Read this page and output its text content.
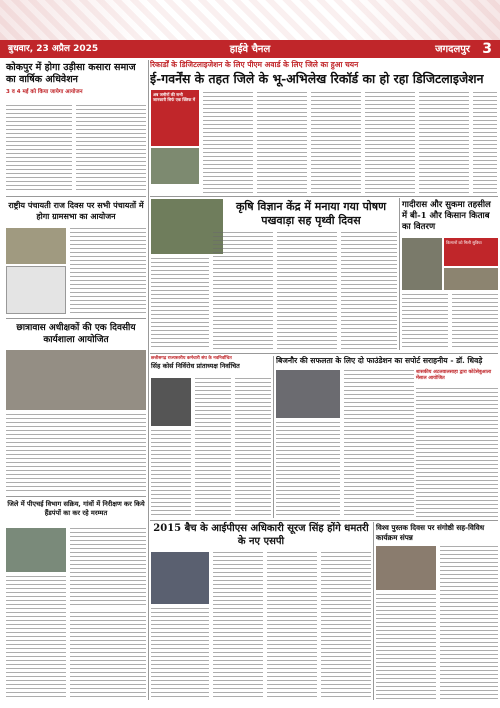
बुधवार, 23 अप्रैल 2025	हाईवे चैनल	जगदलपुर 3
रिकार्डों के डिजिटलाइजेशन के लिए पीएम अवार्ड के लिए जिले का हुआ चयन
ई-गवर्नेंस के तहत जिले के भू-अभिलेख रिकॉर्ड का हो रहा डिजिटलाइजेशन
कोकपुर में होगा उड़ीसा कसारा समाज का वार्षिक अधिवेशन
3 व 4 मई को किया जायेगा आयोजन	अब जमीनों की सभी जानकारी सिर्फ एक क्लिक में
राष्ट्रीय पंचायती राज दिवस पर सभी पंचायतों में होगा ग्रामसभा का आयोजन
कृषि विज्ञान केंद्र में मनाया गया पोषण पखवाड़ा सह पृथ्वी दिवस
गादीरास और सुकमा तहसील में बी-1 और किसान किताब का वितरण
किसानों को मिली सुविधा
छात्रावास अधीक्षकों की एक दिवसीय कार्यशाला आयोजित
छत्तीसगढ़ राज्यस्तरीय कर्मचारी संघ के नवनिर्वाचित
सिंह कोर्स निर्विरोध प्रांताध्यक्ष निर्वाचित
बिजनौर की सफलता के लिए दो फाउंडेशन का सपोर्ट सराहनीय - डॉ. धिवड़े
शासकीय अटलवालसाहा द्वारा कोटेसेबुआला मेंसाल आयोजित
जिले में पीएचई विभाग सक्रिय, गांवों में निरीक्षण कर किये हैंडपंपों का कर रहे मरम्मत
2015 बैच के आईपीएस अधिकारी सूरज सिंह होंगे धमतरी के नए एसपी
विश्व पुस्तक दिवस पर संगोष्ठी सह-विविध कार्यक्रम संपन्न
